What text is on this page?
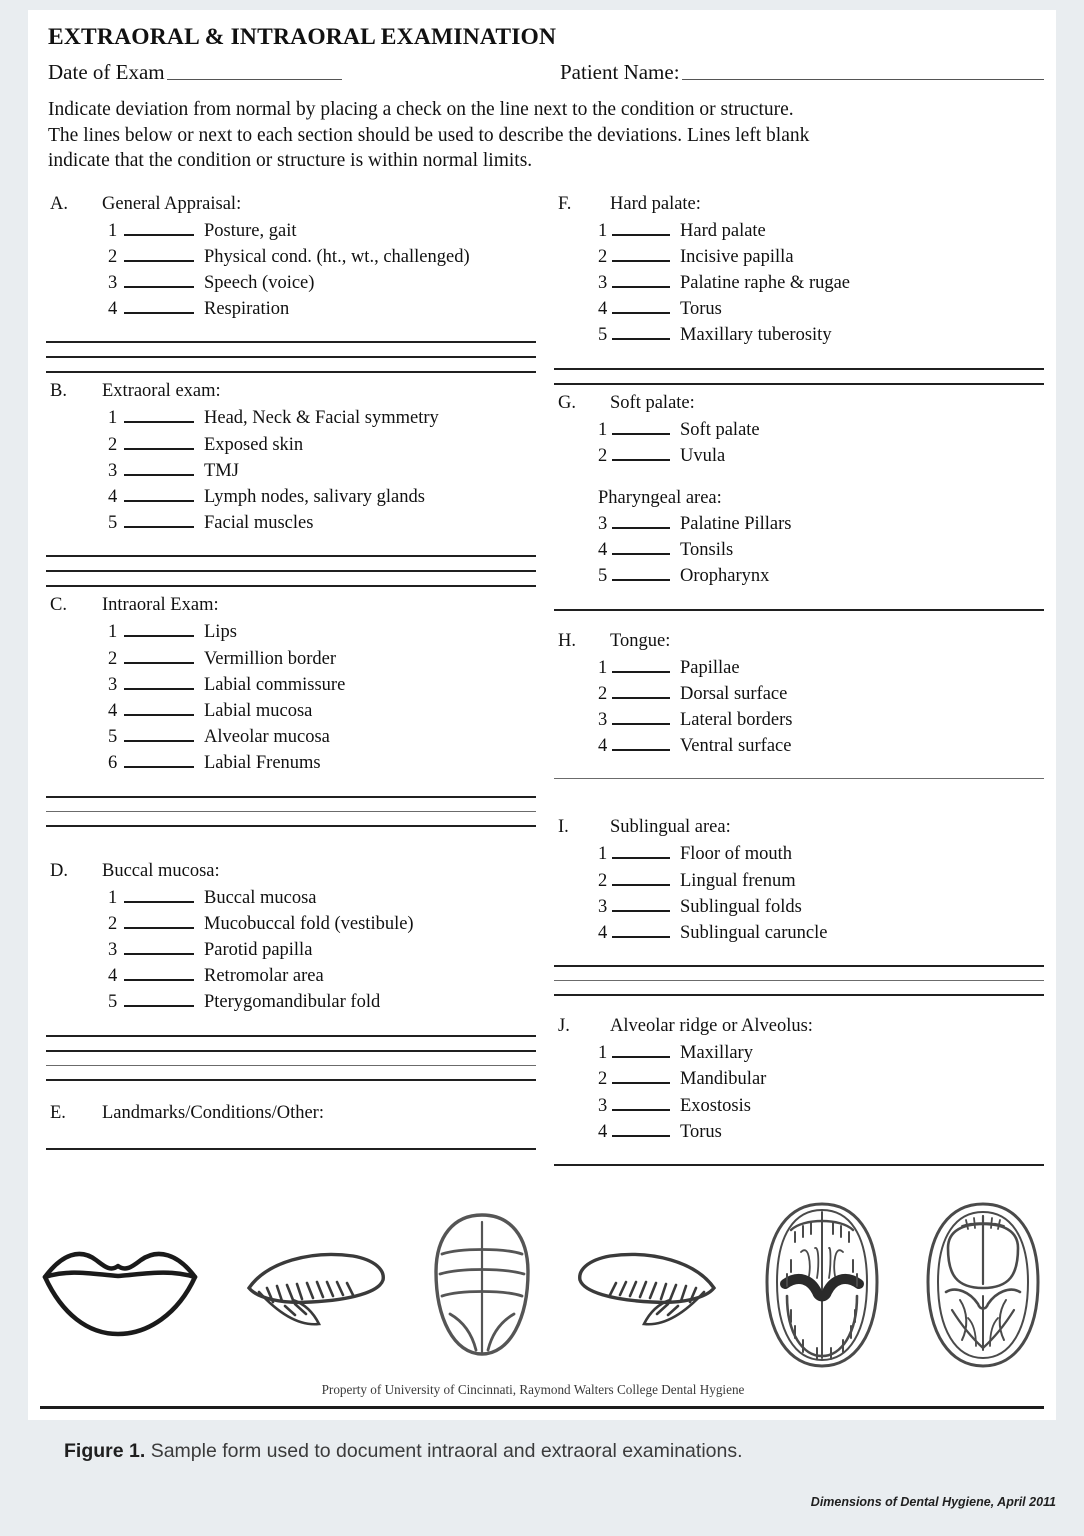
EXTRAORAL & INTRAORAL EXAMINATION
Date of Exam	Patient Name:
Indicate deviation from normal by placing a check on the line next to the condition or structure.
The lines below or next to each section should be used to describe the deviations. Lines left blank
indicate that the condition or structure is within normal limits.
A.	General Appraisal:
1	Posture, gait
2	Physical cond. (ht., wt., challenged)
3	Speech (voice)
4	Respiration
B.	Extraoral exam:
1	Head, Neck & Facial symmetry
2	Exposed skin
3	TMJ
4	Lymph nodes, salivary glands
5	Facial muscles
C.	Intraoral Exam:
1	Lips
2	Vermillion border
3	Labial commissure
4	Labial mucosa
5	Alveolar mucosa
6	Labial Frenums
D.	Buccal mucosa:
1	Buccal mucosa
2	Mucobuccal fold (vestibule)
3	Parotid papilla
4	Retromolar area
5	Pterygomandibular fold
E.	Landmarks/Conditions/Other:
F.	Hard palate:
1	Hard palate
2	Incisive papilla
3	Palatine raphe & rugae
4	Torus
5	Maxillary tuberosity
G.	Soft palate:
1	Soft palate
2	Uvula
Pharyngeal area:
3	Palatine Pillars
4	Tonsils
5	Oropharynx
H.	Tongue:
1	Papillae
2	Dorsal surface
3	Lateral borders
4	Ventral surface
I.	Sublingual area:
1	Floor of mouth
2	Lingual frenum
3	Sublingual folds
4	Sublingual caruncle
J.	Alveolar ridge or Alveolus:
1	Maxillary
2	Mandibular
3	Exostosis
4	Torus
Property of University of Cincinnati, Raymond Walters College Dental Hygiene
Figure 1. Sample form used to document intraoral and extraoral examinations.
Dimensions of Dental Hygiene, April 2011
